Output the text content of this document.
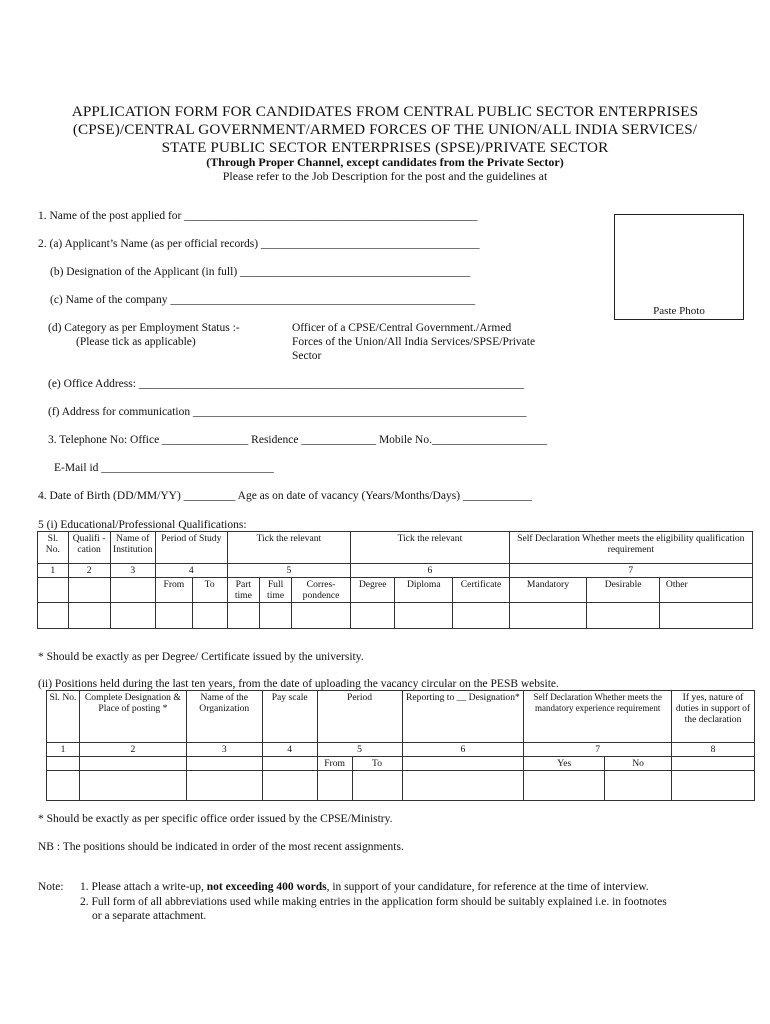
APPLICATION FORM FOR CANDIDATES FROM CENTRAL PUBLIC SECTOR ENTERPRISES
(CPSE)/CENTRAL GOVERNMENT/ARMED FORCES OF THE UNION/ALL INDIA SERVICES/
STATE PUBLIC SECTOR ENTERPRISES (SPSE)/PRIVATE SECTOR
(Through Proper Channel, except candidates from the Private Sector)
Please refer to the Job Description for the post and the guidelines at
Paste Photo
1. Name of the post applied for ___________________________________________________
2. (a) Applicant’s Name (as per official records) ______________________________________
(b) Designation of the Applicant (in full) ________________________________________
(c) Name of the company _____________________________________________________
(d) Category as per Employment Status :-
(Please tick as applicable)
Officer of a CPSE/Central Government./Armed
Forces of the Union/All India Services/SPSE/Private
Sector
(e) Office Address: ___________________________________________________________________
(f) Address for communication __________________________________________________________
3. Telephone No: Office _______________ Residence _____________ Mobile No.____________________
E-Mail id ______________________________
4. Date of Birth (DD/MM/YY) _________ Age as on date of vacancy (Years/Months/Days) ____________
5 (i) Educational/Professional Qualifications:
Sl. No.	Qualifi -cation	Name of Institution	Period of Study		Tick the relevant			Tick the relevant			Self Declaration Whether meets the eligibility qualification requirement		
1	2	3	4		5			6			7		
			From	To	Part time	Full time	Corres-pondence	Degree	Diploma	Certificate	Mandatory	Desirable	Other

* Should be exactly as per Degree/ Certificate issued by the university.
(ii) Positions held during the last ten years, from the date of uploading the vacancy circular on the PESB website.
Sl. No.	Complete Designation & Place of posting *	Name of the Organization	Pay scale	Period		Reporting to __ Designation*	Self Declaration Whether meets the mandatory experience requirement		If yes, nature of duties in support of the declaration
1	2	3	4	5		6	7		8
				From	To		Yes	No	

* Should be exactly as per specific office order issued by the CPSE/Ministry.
NB : The positions should be indicated in order of the most recent assignments.
Note: 1. Please attach a write-up, not exceeding 400 words, in support of your candidature, for reference at the time of interview.
2. Full form of all abbreviations used while making entries in the application form should be suitably explained i.e. in footnotes
or a separate attachment.
